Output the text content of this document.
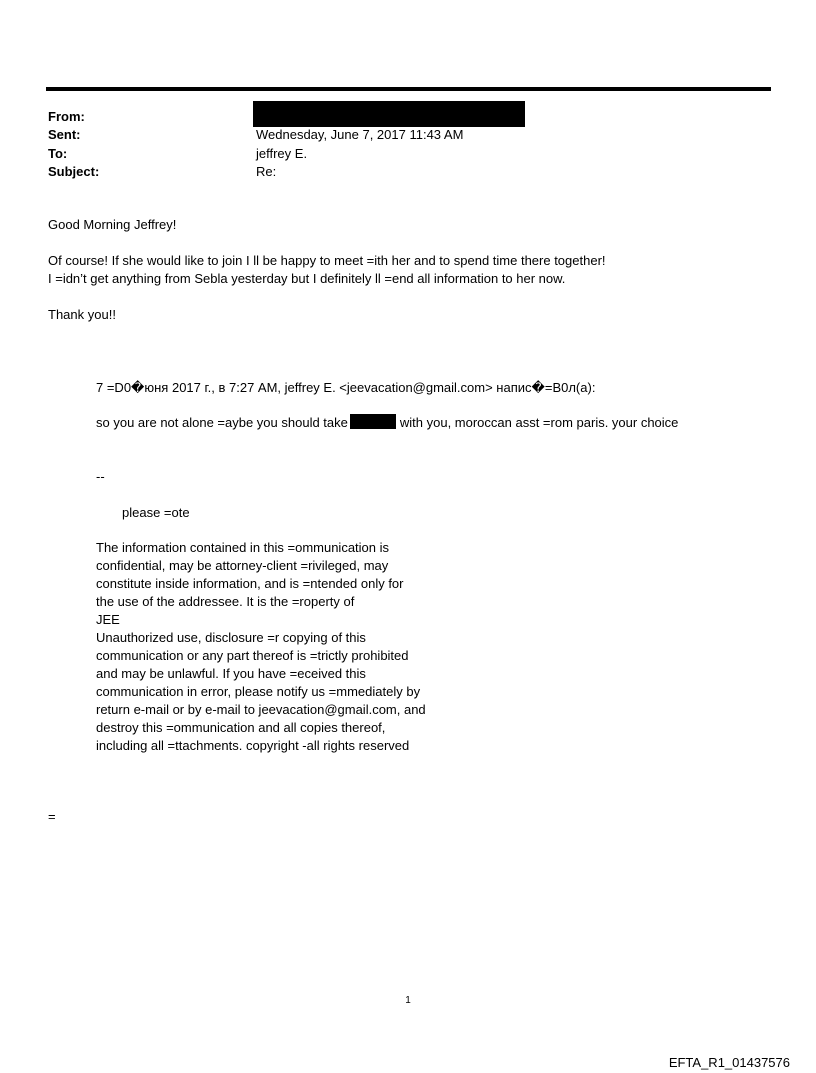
From:
Sent:	Wednesday, June 7, 2017 11:43 AM
To:	jeffrey E.
Subject:	Re:
Good Morning Jeffrey!
Of course! If she would like to join I ll be happy to meet =ith her and to spend time there together!
I =idn’t get anything from Sebla yesterday but I definitely ll =end all information to her now.
Thank you!!
7 =D0�юня 2017 г., в 7:27 AM, jeffrey E. <jeevacation@gmail.com> напис�=B0л(а):
so you are not alone =aybe you should take	with you, moroccan asst =rom paris. your choice
--
please =ote
The information contained in this =ommunication is
confidential, may be attorney-client =rivileged, may
constitute inside information, and is =ntended only for
the use of the addressee. It is the =roperty of
JEE
Unauthorized use, disclosure =r copying of this
communication or any part thereof is =trictly prohibited
and may be unlawful. If you have =eceived this
communication in error, please notify us =mmediately by
return e-mail or by e-mail to jeevacation@gmail.com, and
destroy this =ommunication and all copies thereof,
including all =ttachments. copyright -all rights reserved
=
1
EFTA_R1_01437576
